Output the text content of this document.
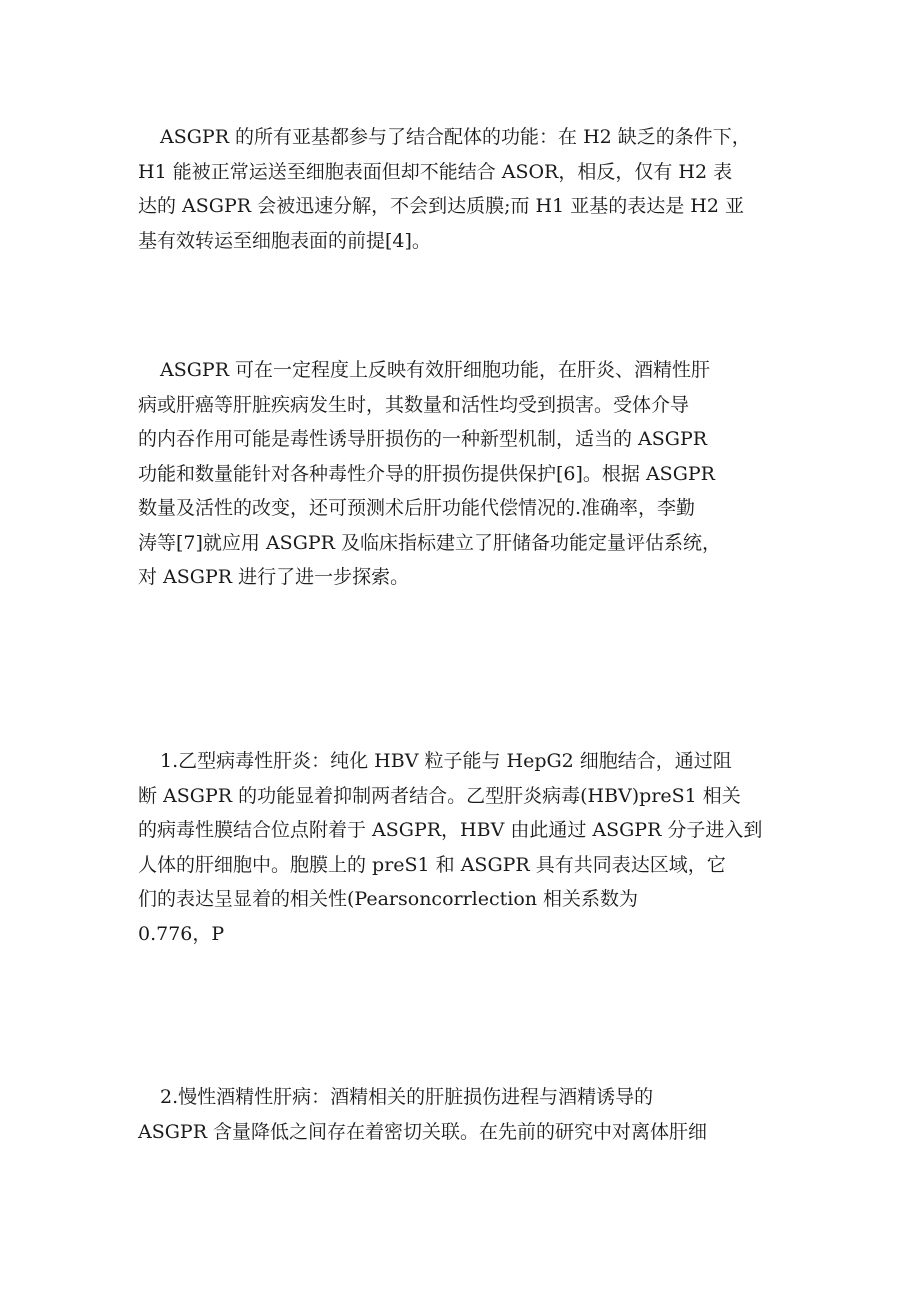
ASGPR 的所有亚基都参与了结合配体的功能：在 H2 缺乏的条件下，
H1 能被正常运送至细胞表面但却不能结合 ASOR，相反，仅有 H2 表
达的 ASGPR 会被迅速分解，不会到达质膜;而 H1 亚基的表达是 H2 亚
基有效转运至细胞表面的前提[4]。
ASGPR 可在一定程度上反映有效肝细胞功能，在肝炎、酒精性肝
病或肝癌等肝脏疾病发生时，其数量和活性均受到损害。受体介导
的内吞作用可能是毒性诱导肝损伤的一种新型机制，适当的 ASGPR
功能和数量能针对各种毒性介导的肝损伤提供保护[6]。根据 ASGPR
数量及活性的改变，还可预测术后肝功能代偿情况的.准确率，李勤
涛等[7]就应用 ASGPR 及临床指标建立了肝储备功能定量评估系统，
对 ASGPR 进行了进一步探索。
1.乙型病毒性肝炎：纯化 HBV 粒子能与 HepG2 细胞结合，通过阻
断 ASGPR 的功能显着抑制两者结合。乙型肝炎病毒(HBV)preS1 相关
的病毒性膜结合位点附着于 ASGPR，HBV 由此通过 ASGPR 分子进入到
人体的肝细胞中。胞膜上的 preS1 和 ASGPR 具有共同表达区域，它
们的表达呈显着的相关性(Pearsoncorrlection 相关系数为
0.776，P
2.慢性酒精性肝病：酒精相关的肝脏损伤进程与酒精诱导的
ASGPR 含量降低之间存在着密切关联。在先前的研究中对离体肝细
